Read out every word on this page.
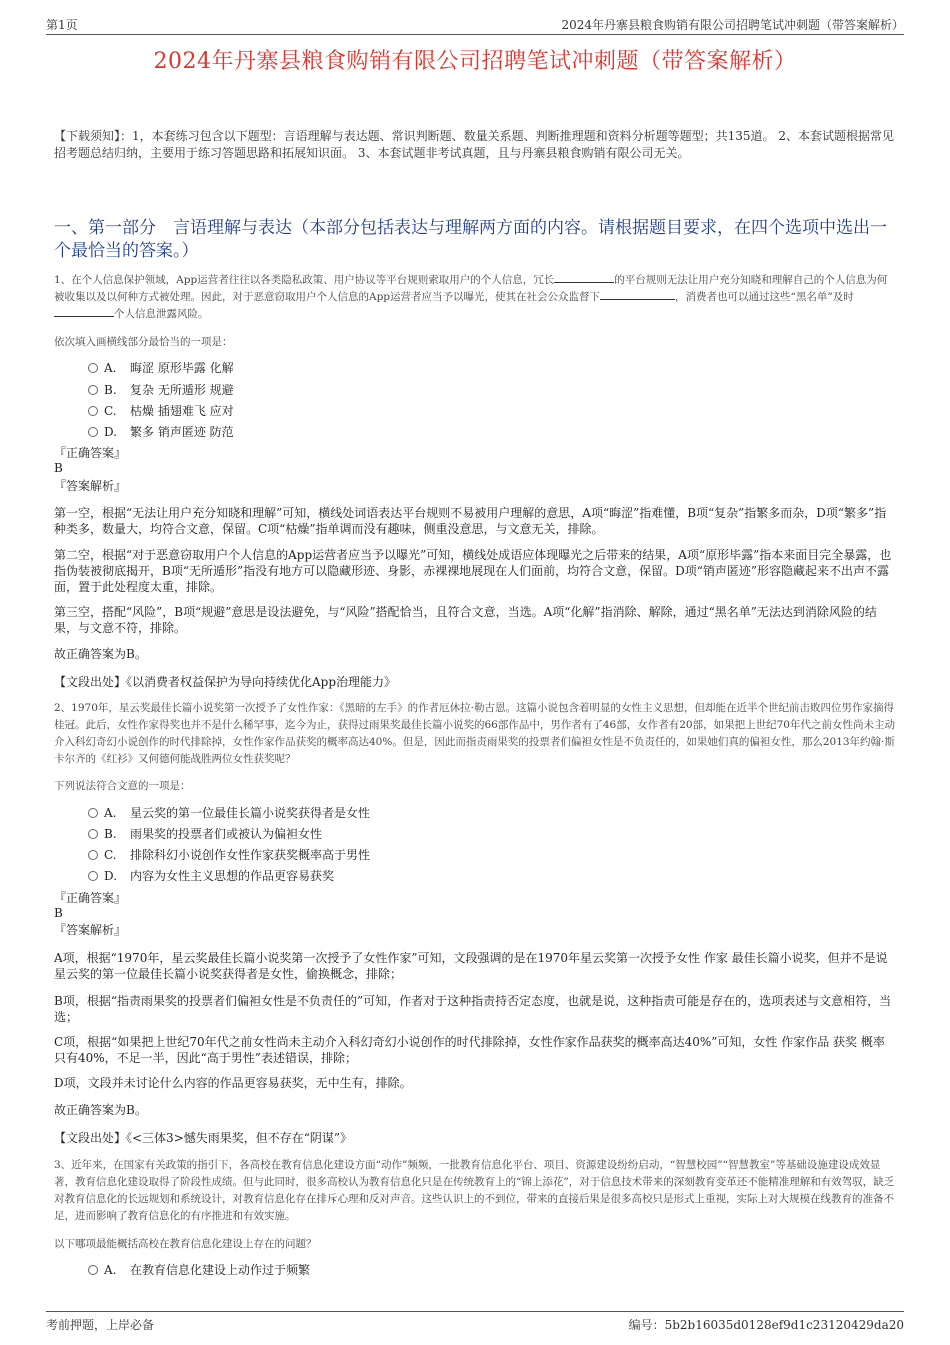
第1页	2024年丹寨县粮食购销有限公司招聘笔试冲刺题（带答案解析）
2024年丹寨县粮食购销有限公司招聘笔试冲刺题（带答案解析）
【下载须知】：1，本套练习包含以下题型：言语理解与表达题、常识判断题、数量关系题、判断推理题和资料分析题等题型；共135道。 2、本套试题根据常见招考题总结归纳，主要用于练习答题思路和拓展知识面。 3、本套试题非考试真题，且与丹寨县粮食购销有限公司无关。
一、第一部分　言语理解与表达（本部分包括表达与理解两方面的内容。请根据题目要求，在四个选项中选出一个最恰当的答案。）
1、在个人信息保护领域，App运营者往往以各类隐私政策、用户协议等平台规则索取用户的个人信息，冗长	的平台规则无法让用户充分知晓和理解自己的个人信息为何被收集以及以何种方式被处理。因此，对于恶意窃取用户个人信息的App运营者应当予以曝光，使其在社会公众监督下	，消费者也可以通过这些“黑名单”及时个人信息泄露风险。
依次填入画横线部分最恰当的一项是：
A. 晦涩 原形毕露 化解
B. 复杂 无所遁形 规避
C. 枯燥 插翅难飞 应对
D. 繁多 销声匿迹 防范
『正确答案』
B
『答案解析』
第一空，根据“无法让用户充分知晓和理解”可知，横线处词语表达平台规则不易被用户理解的意思，A项“晦涩”指难懂，B项“复杂”指繁多而杂，D项“繁多”指种类多，数量大，均符合文意，保留。C项“枯燥”指单调而没有趣味，侧重没意思，与文意无关，排除。
第二空，根据“对于恶意窃取用户个人信息的App运营者应当予以曝光”可知，横线处成语应体现曝光之后带来的结果，A项“原形毕露”指本来面目完全暴露，也指伪装被彻底揭开，B项“无所遁形”指没有地方可以隐藏形迹、身影，赤裸裸地展现在人们面前，均符合文意，保留。D项“销声匿迹”形容隐藏起来不出声不露面，置于此处程度太重，排除。
第三空，搭配“风险”，B项“规避”意思是设法避免，与“风险”搭配恰当，且符合文意，当选。A项“化解”指消除、解除，通过“黑名单”无法达到消除风险的结果，与文意不符，排除。
故正确答案为B。
【文段出处】《以消费者权益保护为导向持续优化App治理能力》
2、1970年，星云奖最佳长篇小说奖第一次授予了女性作家：《黑暗的左手》的作者厄休拉·勒古恩。这篇小说包含着明显的女性主义思想，但却能在近半个世纪前击败四位男作家摘得桂冠。此后，女性作家得奖也并不是什么稀罕事，迄今为止，获得过雨果奖最佳长篇小说奖的66部作品中，男作者有了46部，女作者有20部，如果把上世纪70年代之前女性尚未主动介入科幻奇幻小说创作的时代排除掉，女性作家作品获奖的概率高达40%。但是，因此而指责雨果奖的投票者们偏袒女性是不负责任的，如果她们真的偏袒女性，那么2013年约翰·斯卡尔齐的《红衫》又何德何能战胜两位女性获奖呢？
下列说法符合文意的一项是：
A. 星云奖的第一位最佳长篇小说奖获得者是女性
B. 雨果奖的投票者们或被认为偏袒女性
C. 排除科幻小说创作女性作家获奖概率高于男性
D. 内容为女性主义思想的作品更容易获奖
『正确答案』
B
『答案解析』
A项，根据“1970年，星云奖最佳长篇小说奖第一次授予了女性作家”可知，文段强调的是在1970年星云奖第一次授予女性 作家 最佳长篇小说奖，但并不是说星云奖的第一位最佳长篇小说奖获得者是女性，偷换概念，排除；
B项，根据“指责雨果奖的投票者们偏袒女性是不负责任的”可知，作者对于这种指责持否定态度，也就是说，这种指责可能是存在的，选项表述与文意相符，当选；
C项，根据“如果把上世纪70年代之前女性尚未主动介入科幻奇幻小说创作的时代排除掉，女性作家作品获奖的概率高达40%”可知，女性 作家作品 获奖 概率只有40%，不足一半，因此“高于男性”表述错误，排除；
D项，文段并未讨论什么内容的作品更容易获奖，无中生有，排除。
故正确答案为B。
【文段出处】《<三体3>憾失雨果奖，但不存在“阴谋”》
3、近年来，在国家有关政策的指引下，各高校在教育信息化建设方面“动作”频频，一批教育信息化平台、项目、资源建设纷纷启动，“智慧校园”“智慧教室”等基础设施建设成效显著，教育信息化建设取得了阶段性成绩。但与此同时，很多高校认为教育信息化只是在传统教育上的“锦上添花”，对于信息技术带来的深刻教育变革还不能精准理解和有效驾驭，缺乏对教育信息化的长远规划和系统设计，对教育信息化存在排斥心理和反对声音。这些认识上的不到位，带来的直接后果是很多高校只是形式上重视，实际上对大规模在线教育的准备不足，进而影响了教育信息化的有序推进和有效实施。
以下哪项最能概括高校在教育信息化建设上存在的问题？
A. 在教育信息化建设上动作过于频繁
考前押题，上岸必备	编号：5b2b16035d0128ef9d1c23120429da20
